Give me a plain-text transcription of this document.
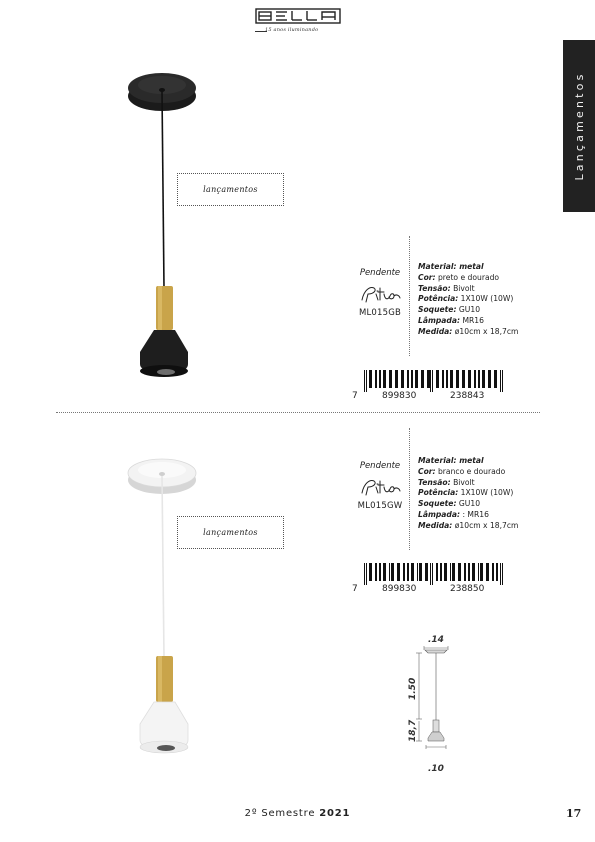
15 anos iluminando
Lançamentos
lançamentos
Pendente
ML015GB
Material: metal
Cor: preto e dourado
Tensão: Bivolt
Potência: 1X10W (10W)
Soquete: GU10
Lâmpada: MR16
Medida: ø10cm x 18,7cm
7	899830	238843
lançamentos
Pendente
ML015GW
Material: metal
Cor: branco e dourado
Tensão: Bivolt
Potência: 1X10W (10W)
Soquete: GU10
Lâmpada: : MR16
Medida: ø10cm x 18,7cm
7	899830	238850
.14
1.50
18,7
.10
2º Semestre 2021	17
